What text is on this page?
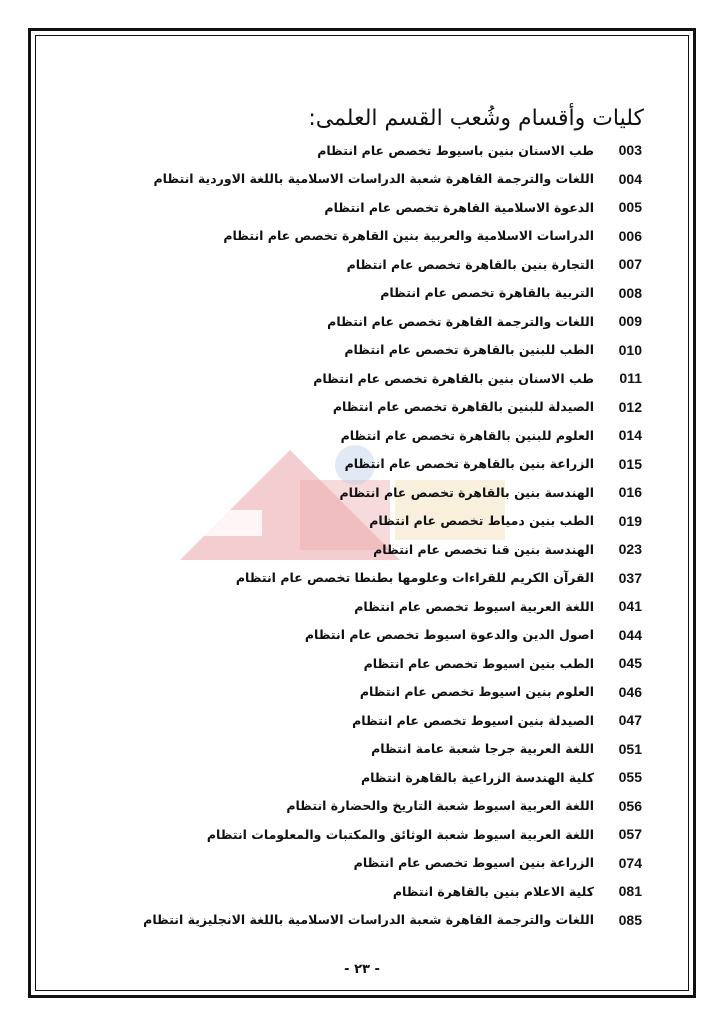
كليات وأقسام وشُعب القسم العلمى:
طب الاسنان بنين باسيوط تخصص عام انتظام	003
اللغات والترجمة القاهرة شعبة الدراسات الاسلامية باللغة الاوردية انتظام	004
الدعوة الاسلامية القاهرة تخصص عام انتظام	005
الدراسات الاسلامية والعربية بنين القاهرة تخصص عام انتظام	006
التجارة بنين بالقاهرة تخصص عام انتظام	007
التربية بالقاهرة تخصص عام انتظام	008
اللغات والترجمة القاهرة تخصص عام انتظام	009
الطب للبنين بالقاهرة تخصص عام انتظام	010
طب الاسنان بنين بالقاهرة تخصص عام انتظام	011
الصيدلة للبنين بالقاهرة تخصص عام انتظام	012
العلوم للبنين بالقاهرة تخصص عام انتظام	014
الزراعة بنين بالقاهرة تخصص عام انتظام	015
الهندسة بنين بالقاهرة تخصص عام انتظام	016
الطب بنين دمياط تخصص عام انتظام	019
الهندسة بنين قنا تخصص عام انتظام	023
القرآن الكريم للقراءات وعلومها بطنطا تخصص عام انتظام	037
اللغة العربية اسيوط تخصص عام انتظام	041
اصول الدين والدعوة اسيوط تخصص عام انتظام	044
الطب بنين اسيوط تخصص عام انتظام	045
العلوم بنين اسيوط تخصص عام انتظام	046
الصيدلة بنين اسيوط تخصص عام انتظام	047
اللغة العربية جرجا شعبة عامة انتظام	051
كلية الهندسة الزراعية بالقاهرة انتظام	055
اللغة العربية اسيوط شعبة التاريخ والحضارة انتظام	056
اللغة العربية اسيوط شعبة الوثائق والمكتبات والمعلومات انتظام	057
الزراعة بنين اسيوط تخصص عام انتظام	074
كلية الاعلام بنين بالقاهرة انتظام	081
اللغات والترجمة القاهرة شعبة الدراسات الاسلامية باللغة الانجليزية انتظام	085
- ٢٣ -
